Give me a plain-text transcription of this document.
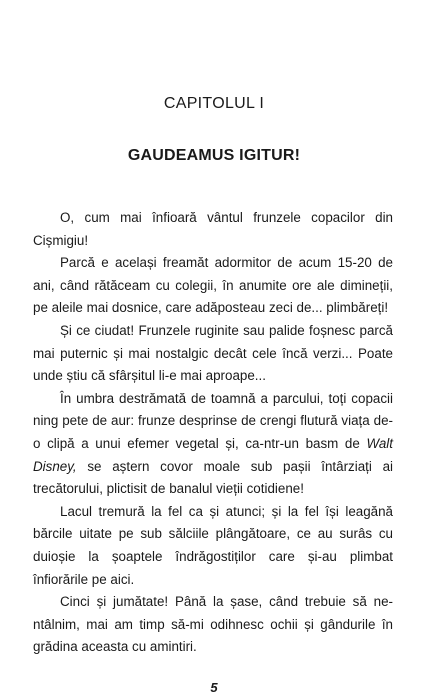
CAPITOLUL I
GAUDEAMUS IGITUR!

O, cum mai înfioară vântul frunzele copacilor din Cișmigiu!

Parcă e același freamăt adormitor de acum 15-20 de ani, când rătăceam cu colegii, în anumite ore ale dimineții, pe aleile mai dosnice, care adăposteau zeci de... plimbăreți!

Și ce ciudat! Frunzele ruginite sau palide foșnesc parcă mai puternic și mai nostalgic decât cele încă verzi... Poate unde știu că sfârșitul li-e mai aproape...

În umbra destrămată de toamnă a parcului, toți copacii ning pete de aur: frunze desprinse de crengi flutură viața de-o clipă a unui efemer vegetal și, ca-ntr-un basm de Walt Disney, se aștern covor moale sub pașii întârziați ai trecătorului, plictisit de banalul vieții cotidiene!

Lacul tremură la fel ca și atunci; și la fel își leagănă bărcile uitate pe sub sălciile plângătoare, ce au surâs cu duioșie la șoaptele îndrăgostiților care și-au plimbat înfiorările pe aici.

Cinci și jumătate! Până la șase, când trebuie să ne-ntâlnim, mai am timp să-mi odihnesc ochii și gândurile în grădina aceasta cu amintiri.

5
